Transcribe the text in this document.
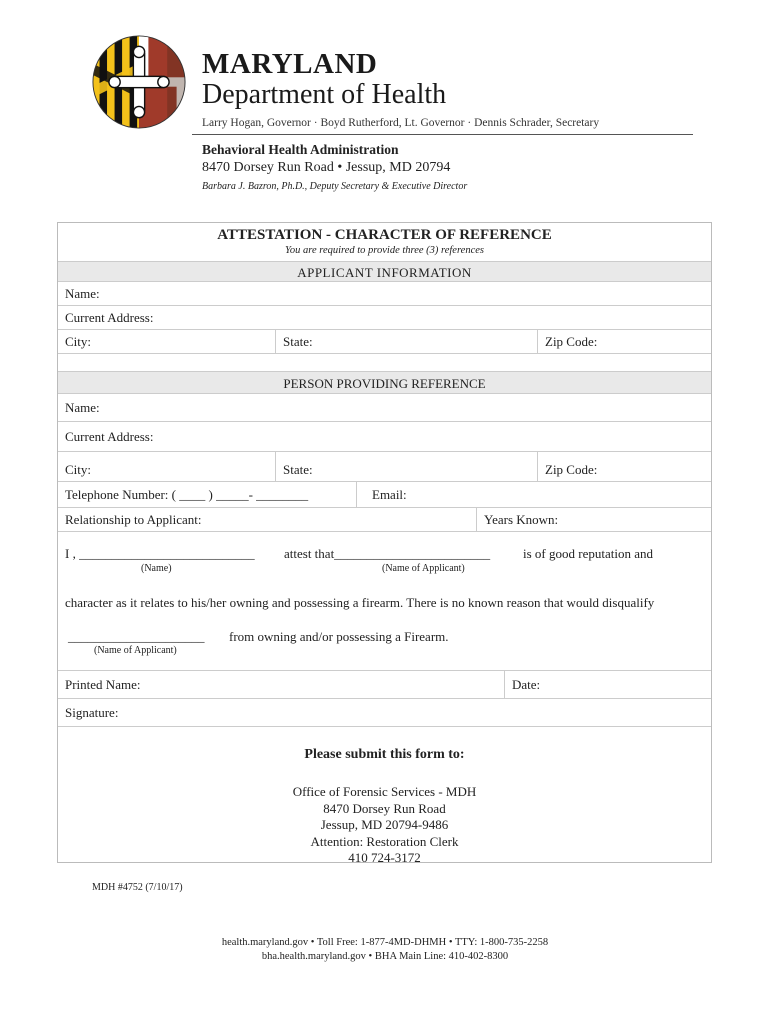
MARYLAND
Department of Health
Larry Hogan, Governor · Boyd Rutherford, Lt. Governor · Dennis Schrader, Secretary
Behavioral Health Administration
8470 Dorsey Run Road • Jessup, MD 20794
Barbara J. Bazron, Ph.D., Deputy Secretary & Executive Director
ATTESTATION - CHARACTER OF REFERENCE
You are required to provide three (3) references
APPLICANT INFORMATION
Name:
Current Address:
City:	State:	Zip Code:
PERSON PROVIDING REFERENCE
Name:
Current Address:
City:	State:	Zip Code:
Telephone Number: ( ____ ) _____- ________	Email:
Relationship to Applicant:	Years Known:
I , ___________________________ attest that________________________	is of good reputation and
(Name)	(Name of Applicant)
character as it relates to his/her owning and possessing a firearm. There is no known reason that would disqualify
_____________________ from owning and/or possessing a Firearm.
(Name of Applicant)
Printed Name:	Date:
Signature:
Please submit this form to:
Office of Forensic Services - MDH
8470 Dorsey Run Road
Jessup, MD 20794-9486
Attention: Restoration Clerk
410 724-3172
MDH #4752 (7/10/17)
health.maryland.gov • Toll Free: 1-877-4MD-DHMH • TTY: 1-800-735-2258
bha.health.maryland.gov • BHA Main Line: 410-402-8300
